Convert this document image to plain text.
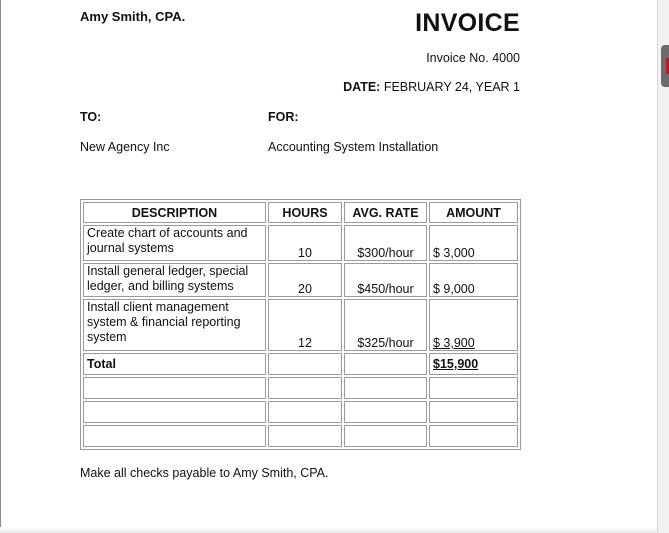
Amy Smith, CPA.	INVOICE
Invoice No. 4000
DATE: FEBRUARY 24, YEAR 1
TO:	FOR:
New Agency Inc	Accounting System Installation
DESCRIPTION	HOURS	AVG. RATE	AMOUNT
Create chart of accounts and journal systems	10	$300/hour	$ 3,000
Install general ledger, special ledger, and billing systems	20	$450/hour	$ 9,000
Install client management system & financial reporting system	12	$325/hour	$ 3,900
Total			$15,900

Make all checks payable to Amy Smith, CPA.
